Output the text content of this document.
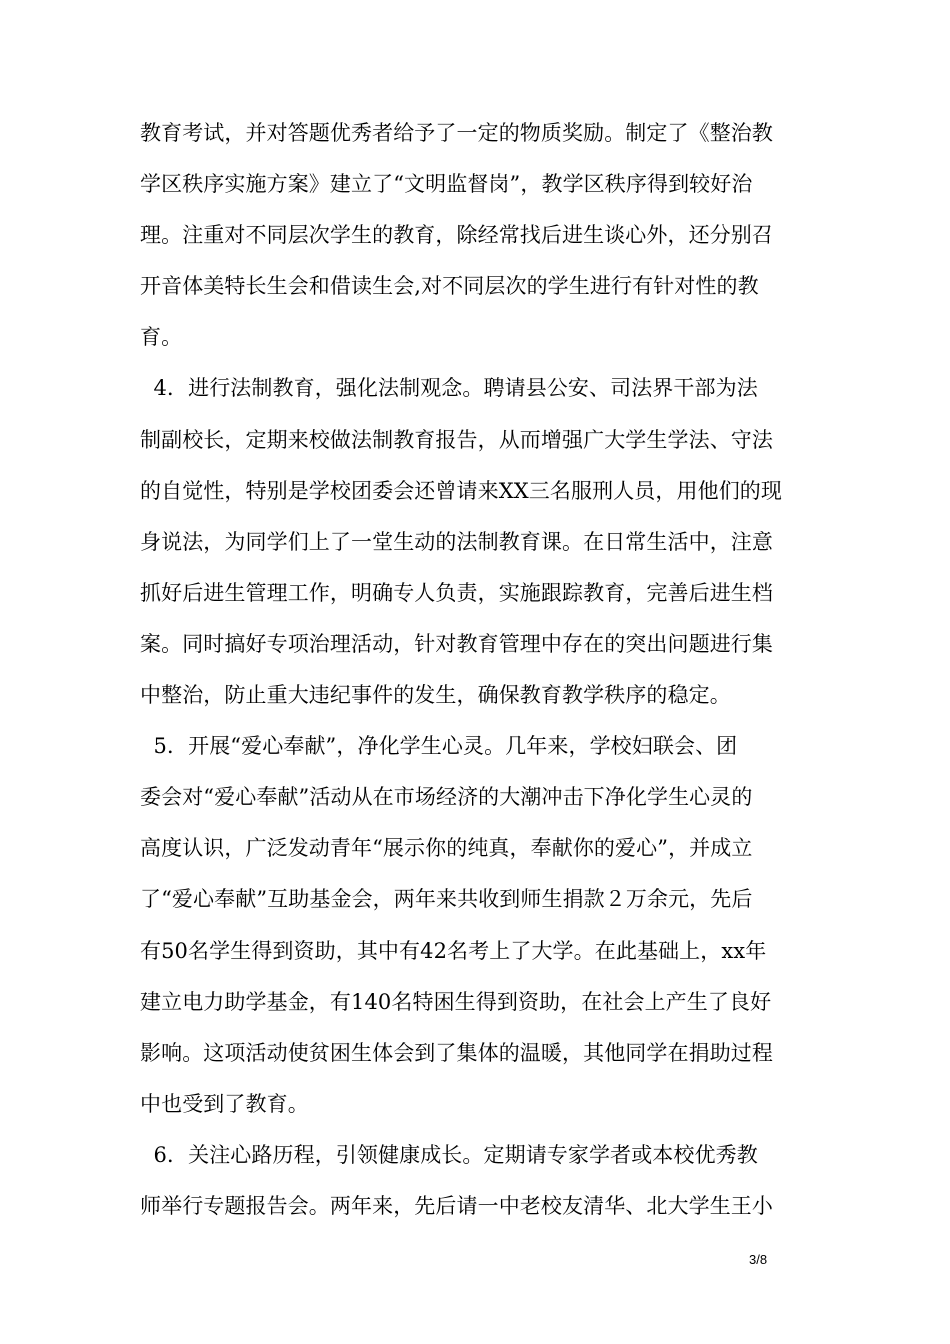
教育考试，并对答题优秀者给予了一定的物质奖励。制定了《整治教
学区秩序实施方案》建立了“文明监督岗”，教学区秩序得到较好治
理。注重对不同层次学生的教育，除经常找后进生谈心外，还分别召
开音体美特长生会和借读生会,对不同层次的学生进行有针对性的教
育。
4．进行法制教育，强化法制观念。聘请县公安、司法界干部为法
制副校长，定期来校做法制教育报告，从而增强广大学生学法、守法
的自觉性，特别是学校团委会还曾请来XX三名服刑人员，用他们的现
身说法，为同学们上了一堂生动的法制教育课。在日常生活中，注意
抓好后进生管理工作，明确专人负责，实施跟踪教育，完善后进生档
案。同时搞好专项治理活动，针对教育管理中存在的突出问题进行集
中整治，防止重大违纪事件的发生，确保教育教学秩序的稳定。
5．开展“爱心奉献”，净化学生心灵。几年来，学校妇联会、团
委会对“爱心奉献”活动从在市场经济的大潮冲击下净化学生心灵的
高度认识，广泛发动青年“展示你的纯真，奉献你的爱心”，并成立
了“爱心奉献”互助基金会，两年来共收到师生捐款２万余元，先后
有50名学生得到资助，其中有42名考上了大学。在此基础上，xx年
建立电力助学基金，有140名特困生得到资助，在社会上产生了良好
影响。这项活动使贫困生体会到了集体的温暖，其他同学在捐助过程
中也受到了教育。
6．关注心路历程，引领健康成长。定期请专家学者或本校优秀教
师举行专题报告会。两年来，先后请一中老校友清华、北大学生王小
3/8
